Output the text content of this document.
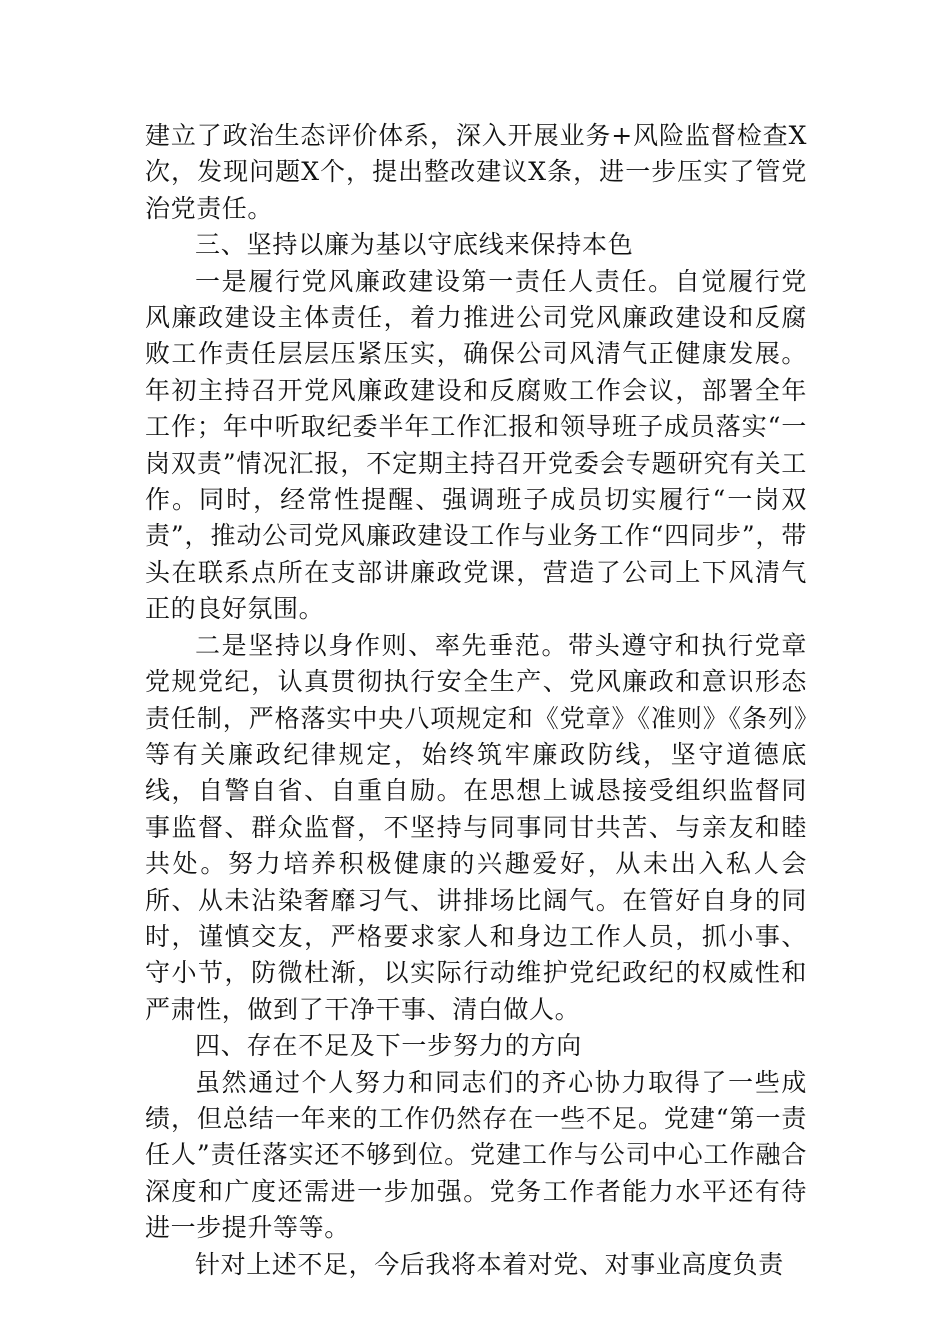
建立了政治生态评价体系，深入开展业务+风险监督检查X次，发现问题X个，提出整改建议X条，进一步压实了管党治党责任。

三、坚持以廉为基以守底线来保持本色

一是履行党风廉政建设第一责任人责任。自觉履行党风廉政建设主体责任，着力推进公司党风廉政建设和反腐败工作责任层层压紧压实，确保公司风清气正健康发展。年初主持召开党风廉政建设和反腐败工作会议，部署全年工作；年中听取纪委半年工作汇报和领导班子成员落实“一岗双责”情况汇报，不定期主持召开党委会专题研究有关工作。同时，经常性提醒、强调班子成员切实履行“一岗双责”，推动公司党风廉政建设工作与业务工作“四同步”，带头在联系点所在支部讲廉政党课，营造了公司上下风清气正的良好氛围。

二是坚持以身作则、率先垂范。带头遵守和执行党章党规党纪，认真贯彻执行安全生产、党风廉政和意识形态责任制，严格落实中央八项规定和《党章》《准则》《条列》等有关廉政纪律规定，始终筑牢廉政防线，坚守道德底线，自警自省、自重自励。在思想上诚恳接受组织监督同事监督、群众监督，不坚持与同事同甘共苦、与亲友和睦共处。努力培养积极健康的兴趣爱好，从未出入私人会所、从未沾染奢靡习气、讲排场比阔气。在管好自身的同时，谨慎交友，严格要求家人和身边工作人员，抓小事、守小节，防微杜渐，以实际行动维护党纪政纪的权威性和严肃性，做到了干净干事、清白做人。

四、存在不足及下一步努力的方向

虽然通过个人努力和同志们的齐心协力取得了一些成绩，但总结一年来的工作仍然存在一些不足。党建“第一责任人”责任落实还不够到位。党建工作与公司中心工作融合深度和广度还需进一步加强。党务工作者能力水平还有待进一步提升等等。

针对上述不足，今后我将本着对党、对事业高度负责
